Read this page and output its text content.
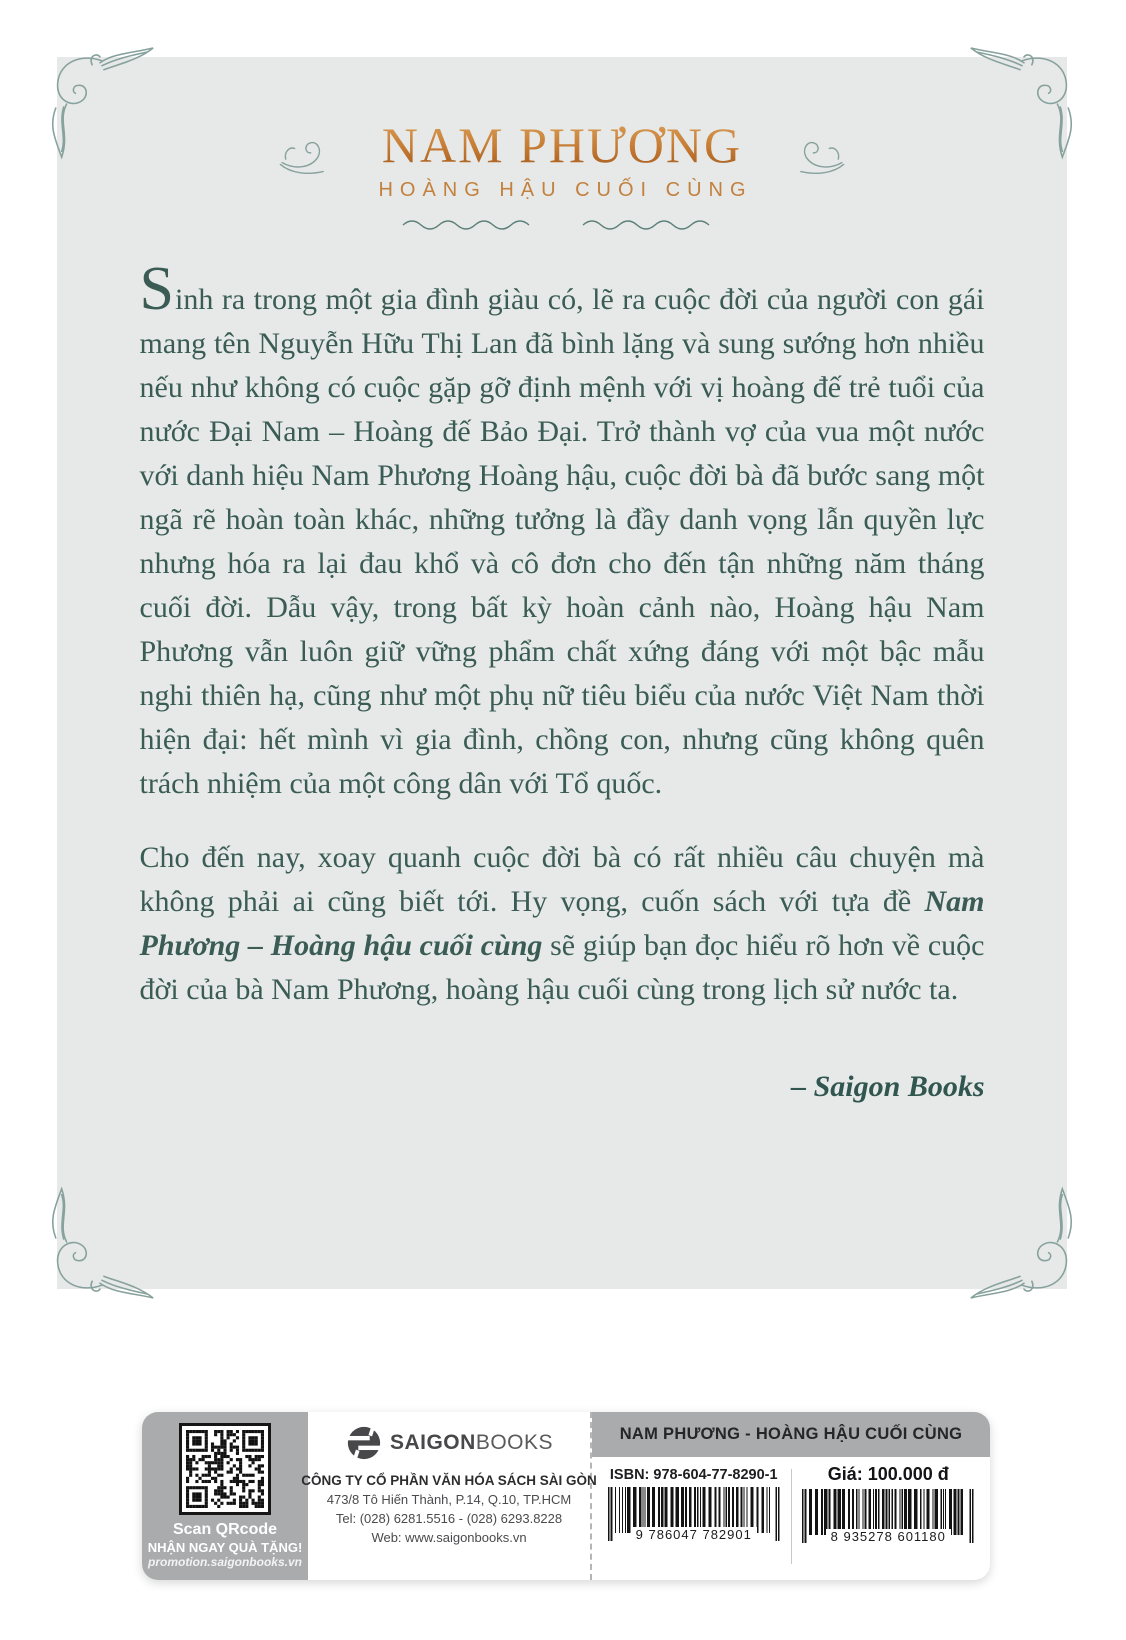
NAM PHƯƠNG
HOÀNG HẬU CUỐI CÙNG

Sinh ra trong một gia đình giàu có, lẽ ra cuộc đời của người con gái mang tên Nguyễn Hữu Thị Lan đã bình lặng và sung sướng hơn nhiều nếu như không có cuộc gặp gỡ định mệnh với vị hoàng đế trẻ tuổi của nước Đại Nam – Hoàng đế Bảo Đại. Trở thành vợ của vua một nước với danh hiệu Nam Phương Hoàng hậu, cuộc đời bà đã bước sang một ngã rẽ hoàn toàn khác, những tưởng là đầy danh vọng lẫn quyền lực nhưng hóa ra lại đau khổ và cô đơn cho đến tận những năm tháng cuối đời. Dẫu vậy, trong bất kỳ hoàn cảnh nào, Hoàng hậu Nam Phương vẫn luôn giữ vững phẩm chất xứng đáng với một bậc mẫu nghi thiên hạ, cũng như một phụ nữ tiêu biểu của nước Việt Nam thời hiện đại: hết mình vì gia đình, chồng con, nhưng cũng không quên trách nhiệm của một công dân với Tổ quốc.

Cho đến nay, xoay quanh cuộc đời bà có rất nhiều câu chuyện mà không phải ai cũng biết tới. Hy vọng, cuốn sách với tựa đề Nam Phương – Hoàng hậu cuối cùng sẽ giúp bạn đọc hiểu rõ hơn về cuộc đời của bà Nam Phương, hoàng hậu cuối cùng trong lịch sử nước ta.

– Saigon Books
Scan QRcode
NHẬN NGAY QUÀ TẶNG!
promotion.saigonbooks.vn
SAIGONBOOKS
CÔNG TY CỔ PHẦN VĂN HÓA SÁCH SÀI GÒN
473/8 Tô Hiến Thành, P.14, Q.10, TP.HCM
Tel: (028) 6281.5516 - (028) 6293.8228
Web: www.saigonbooks.vn
NAM PHƯƠNG - HOÀNG HẬU CUỐI CÙNG
ISBN: 978-604-77-8290-1
9 786047 782901
Giá: 100.000 đ
8 935278 601180
